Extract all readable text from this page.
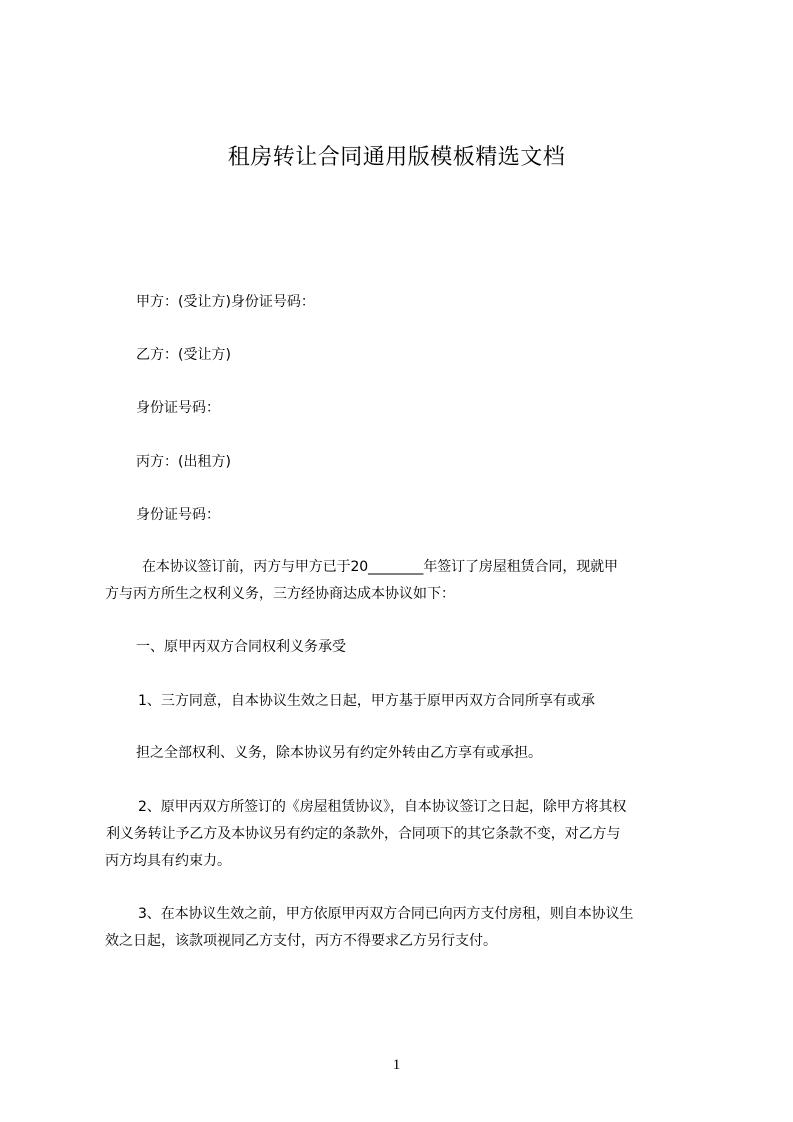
租房转让合同通用版模板精选文档
甲方：(受让方)身份证号码：
乙方：(受让方)
身份证号码：
丙方：(出租方)
身份证号码：
在本协议签订前，丙方与甲方已于20________年签订了房屋租赁合同，现就甲
方与丙方所生之权利义务，三方经协商达成本协议如下：
一、原甲丙双方合同权利义务承受
1、三方同意，自本协议生效之日起，甲方基于原甲丙双方合同所享有或承
担之全部权利、义务，除本协议另有约定外转由乙方享有或承担。
2、原甲丙双方所签订的《房屋租赁协议》，自本协议签订之日起，除甲方将其权
利义务转让予乙方及本协议另有约定的条款外，合同项下的其它条款不变，对乙方与
丙方均具有约束力。
3、在本协议生效之前，甲方依原甲丙双方合同已向丙方支付房租，则自本协议生
效之日起，该款项视同乙方支付，丙方不得要求乙方另行支付。
1
